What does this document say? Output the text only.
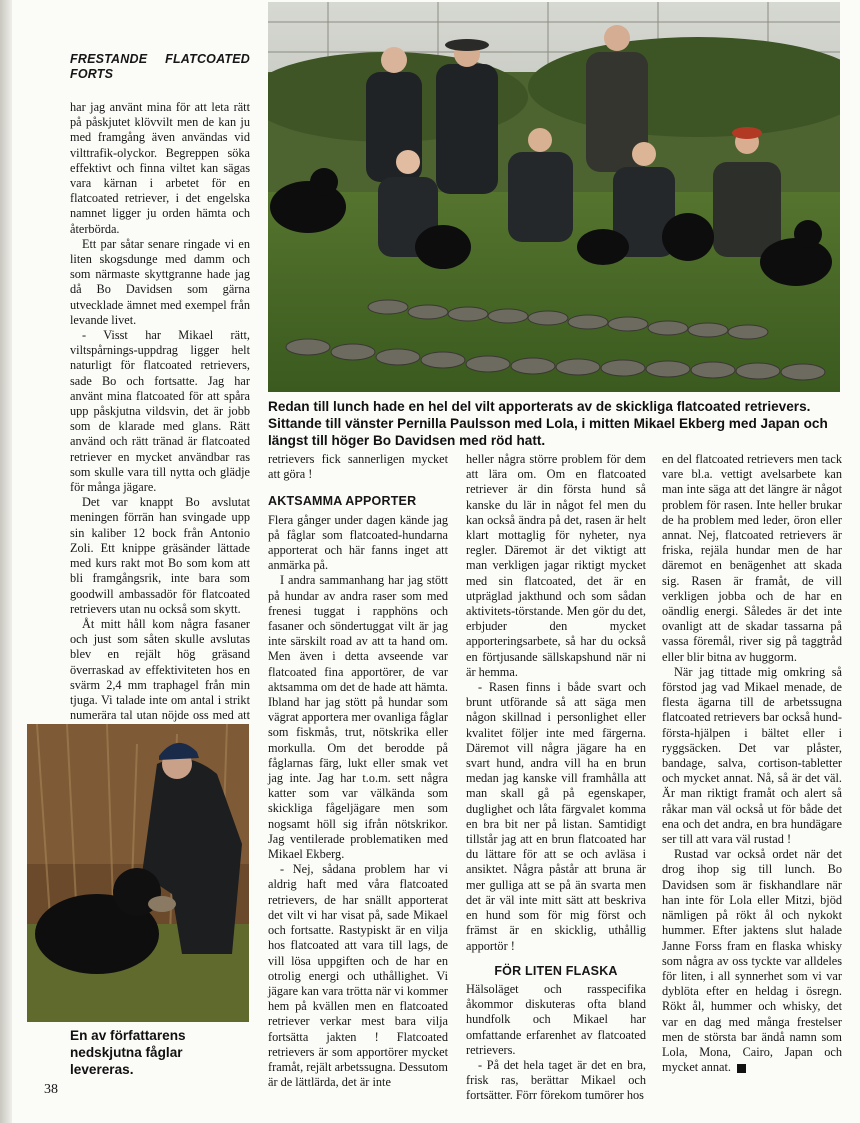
Redan till lunch hade en hel del vilt apporterats av de skickliga flatcoated retrievers. Sittande till vänster Pernilla Paulsson med Lola, i mitten Mikael Ekberg med Japan och längst till höger Bo Davidsen med röd hatt.
FRESTANDE FLATCOATED FORTS

har jag använt mina för att leta rätt på påskjutet klövvilt men de kan ju med framgång även användas vid vilttrafik-olyckor. Begreppen söka effektivt och finna viltet kan sägas vara kärnan i arbetet för en flatcoated retriever, i det engelska namnet ligger ju orden hämta och återbörda.

Ett par såtar senare ringade vi en liten skogsdunge med damm och som närmaste skyttgranne hade jag då Bo Davidsen som gärna utvecklade ämnet med exempel från levande livet.

- Visst har Mikael rätt, viltspårnings-uppdrag ligger helt naturligt för flatcoated retrievers, sade Bo och fortsatte. Jag har använt mina flatcoated för att spåra upp påskjutna vildsvin, det är jobb som de klarade med glans. Rätt använd och rätt tränad är flatcoated retriever en mycket användbar ras som skulle vara till nytta och glädje för många jägare.

Det var knappt Bo avslutat meningen förrän han svingade upp sin kaliber 12 bock från Antonio Zoli. Ett knippe gräsänder lättade med kurs rakt mot Bo som kom att bli framgångsrik, inte bara som goodwill ambassadör för flatcoated retrievers utan nu också som skytt.

Åt mitt håll kom några fasaner och just som såten skulle avslutas blev en rejält hög gräsand överraskad av effektiviteten hos en svärm 2,4 mm traphagel från min tjuga. Vi talade inte om antal i strikt numerära tal utan nöjde oss med att

En av författarens nedskjutna fåglar levereras.

retrievers fick sannerligen mycket att göra !

AKTSAMMA APPORTER

Flera gånger under dagen kände jag på fåglar som flatcoated-hundarna apporterat och här fanns inget att anmärka på.

I andra sammanhang har jag stött på hundar av andra raser som med frenesi tuggat i rapphöns och fasaner och söndertuggat vilt är jag inte särskilt road av att ta hand om. Men även i detta avseende var flatcoated fina apportörer, de var aktsamma om det de hade att hämta. Ibland har jag stött på hundar som vägrat apportera mer ovanliga fåglar som fiskmås, trut, nötskrika eller morkulla. Om det berodde på fåglarnas färg, lukt eller smak vet jag inte. Jag har t.o.m. sett några katter som var välkända som skickliga fågeljägare men som nogsamt höll sig ifrån nötskrikor. Jag ventilerade problematiken med Mikael Ekberg.

- Nej, sådana problem har vi aldrig haft med våra flatcoated retrievers, de har snällt apporterat det vilt vi har visat på, sade Mikael och fortsatte. Rastypiskt är en vilja hos flatcoated att vara till lags, de vill lösa uppgiften och de har en otrolig energi och uthållighet. Vi jägare kan vara trötta när vi kommer hem på kvällen men en flatcoated retriever verkar mest bara vilja fortsätta jakten ! Flatcoated retrievers är som apportörer mycket framåt, rejält arbetssugna. Dessutom är de lättlärda, det är inte

heller några större problem för dem att lära om. Om en flatcoated retriever är din första hund så kanske du lär in något fel men du kan också ändra på det, rasen är helt klart mottaglig för nyheter, nya regler. Däremot är det viktigt att man verkligen jagar riktigt mycket med sin flatcoated, det är en utpräglad jakthund och som sådan aktivitets-törstande. Men gör du det, erbjuder den mycket apporteringsarbete, så har du också en förtjusande sällskapshund när ni är hemma.

- Rasen finns i både svart och brunt utförande så att säga men någon skillnad i personlighet eller kvalitet följer inte med färgerna. Däremot vill några jägare ha en svart hund, andra vill ha en brun medan jag kanske vill framhålla att man skall gå på egenskaper, duglighet och låta färgvalet komma en bra bit ner på listan. Samtidigt tillstår jag att en brun flatcoated har du lättare för att se och avläsa i ansiktet. Några påstår att bruna är mer gulliga att se på än svarta men det är väl inte mitt sätt att beskriva en hund som för mig först och främst är en skicklig, uthållig apportör !

FÖR LITEN FLASKA

Hälsoläget och rasspecifika åkommor diskuteras ofta bland hundfolk och Mikael har omfattande erfarenhet av flatcoated retrievers.

- På det hela taget är det en bra, frisk ras, berättar Mikael och fortsätter. Förr förekom tumörer hos

en del flatcoated retrievers men tack vare bl.a. vettigt avelsarbete kan man inte säga att det längre är något problem för rasen. Inte heller brukar de ha problem med leder, öron eller annat. Nej, flatcoated retrievers är friska, rejäla hundar men de har däremot en benägenhet att skada sig. Rasen är framåt, de vill verkligen jobba och de har en oändlig energi. Således är det inte ovanligt att de skadar tassarna på vassa föremål, river sig på taggtråd eller blir bitna av huggorm.

När jag tittade mig omkring så förstod jag vad Mikael menade, de flesta ägarna till de arbetssugna flatcoated retrievers bar också hund-första-hjälpen i bältet eller i ryggsäcken. Det var plåster, bandage, salva, cortison-tabletter och mycket annat. Nå, så är det väl. Är man riktigt framåt och alert så råkar man väl också ut för både det ena och det andra, en bra hundägare ser till att vara väl rustad !

Rustad var också ordet när det drog ihop sig till lunch. Bo Davidsen som är fiskhandlare när han inte för Lola eller Mitzi, bjöd nämligen på rökt ål och nykokt hummer. Efter jaktens slut halade Janne Forss fram en flaska whisky som några av oss tyckte var alldeles för liten, i all synnerhet som vi var dyblöta efter en heldag i ösregn. Rökt ål, hummer och whisky, det var en dag med många frestelser men de största bar ändå namn som Lola, Mona, Cairo, Japan och mycket annat.

38
